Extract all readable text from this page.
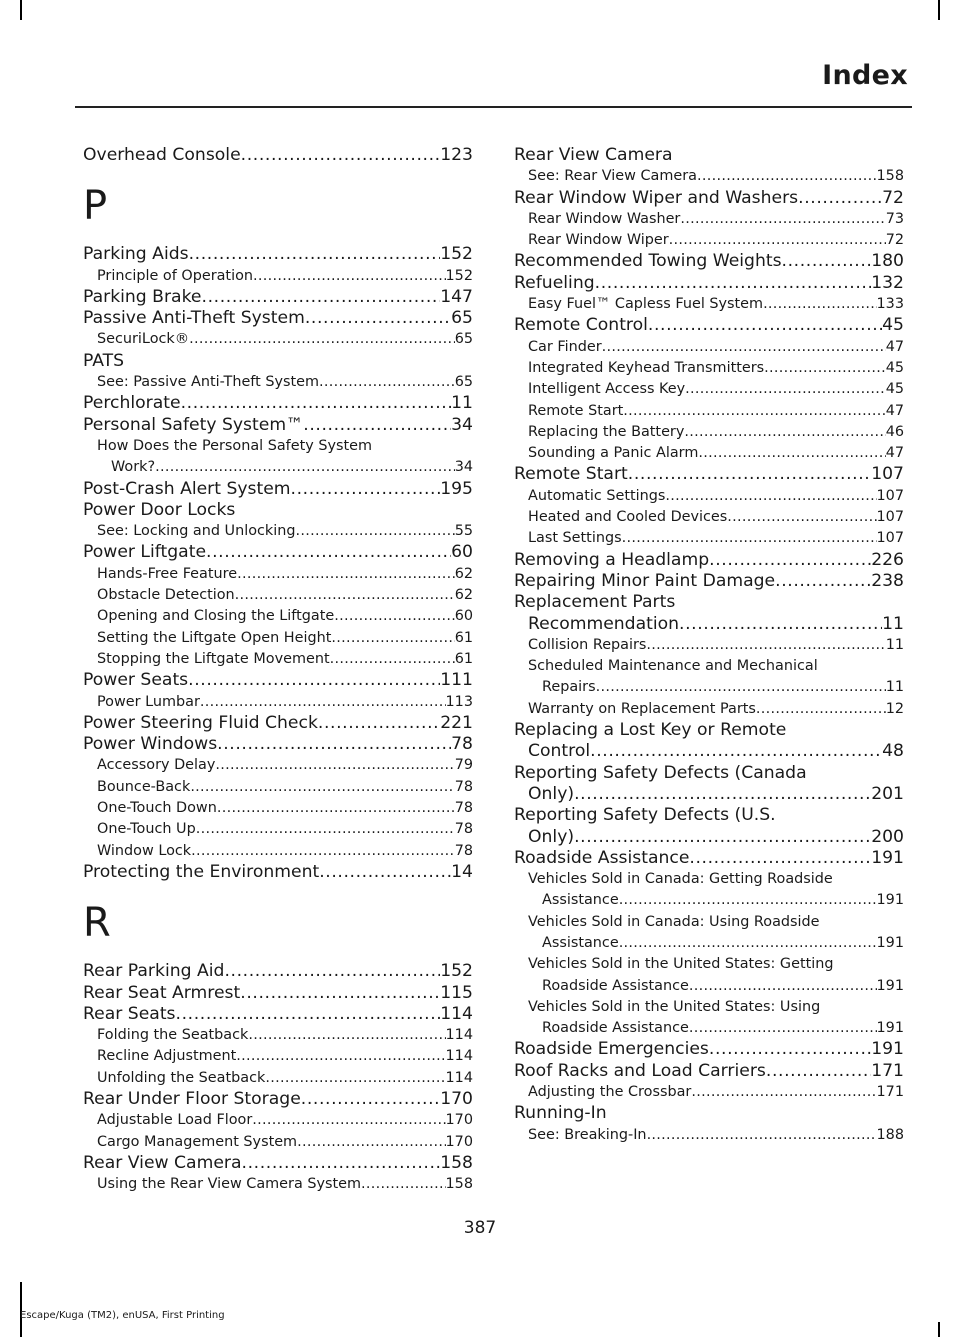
Index
Overhead Console .....	123
P
Parking Aids .....	152
Principle of Operation .....	152
Parking Brake .....	147
Passive Anti-Theft System .....	65
SecuriLock® .....	65
PATS
See: Passive Anti-Theft System .....	65
Perchlorate .....	11
Personal Safety System™ .....	34
How Does the Personal Safety System
Work? .....	34
Post-Crash Alert System .....	195
Power Door Locks
See: Locking and Unlocking .....	55
Power Liftgate .....	60
Hands-Free Feature .....	62
Obstacle Detection .....	62
Opening and Closing the Liftgate .....	60
Setting the Liftgate Open Height .....	61
Stopping the Liftgate Movement .....	61
Power Seats .....	111
Power Lumbar .....	113
Power Steering Fluid Check .....	221
Power Windows .....	78
Accessory Delay .....	79
Bounce-Back .....	78
One-Touch Down .....	78
One-Touch Up .....	78
Window Lock .....	78
Protecting the Environment .....	14
R
Rear Parking Aid .....	152
Rear Seat Armrest .....	115
Rear Seats .....	114
Folding the Seatback .....	114
Recline Adjustment .....	114
Unfolding the Seatback .....	114
Rear Under Floor Storage .....	170
Adjustable Load Floor .....	170
Cargo Management System .....	170
Rear View Camera .....	158
Using the Rear View Camera System .....	158
Rear View Camera
See: Rear View Camera .....	158
Rear Window Wiper and Washers .....	72
Rear Window Washer .....	73
Rear Window Wiper .....	72
Recommended Towing Weights .....	180
Refueling .....	132
Easy Fuel™ Capless Fuel System .....	133
Remote Control .....	45
Car Finder .....	47
Integrated Keyhead Transmitters .....	45
Intelligent Access Key .....	45
Remote Start .....	47
Replacing the Battery .....	46
Sounding a Panic Alarm .....	47
Remote Start .....	107
Automatic Settings .....	107
Heated and Cooled Devices .....	107
Last Settings .....	107
Removing a Headlamp .....	226
Repairing Minor Paint Damage .....	238
Replacement Parts
Recommendation .....	11
Collision Repairs .....	11
Scheduled Maintenance and Mechanical
Repairs .....	11
Warranty on Replacement Parts .....	12
Replacing a Lost Key or Remote
Control .....	48
Reporting Safety Defects (Canada
Only) .....	201
Reporting Safety Defects (U.S.
Only) .....	200
Roadside Assistance .....	191
Vehicles Sold in Canada: Getting Roadside
Assistance .....	191
Vehicles Sold in Canada: Using Roadside
Assistance .....	191
Vehicles Sold in the United States: Getting
Roadside Assistance .....	191
Vehicles Sold in the United States: Using
Roadside Assistance .....	191
Roadside Emergencies .....	191
Roof Racks and Load Carriers .....	171
Adjusting the Crossbar .....	171
Running-In
See: Breaking-In .....	188
387
Escape/Kuga (TM2), enUSA, First Printing
